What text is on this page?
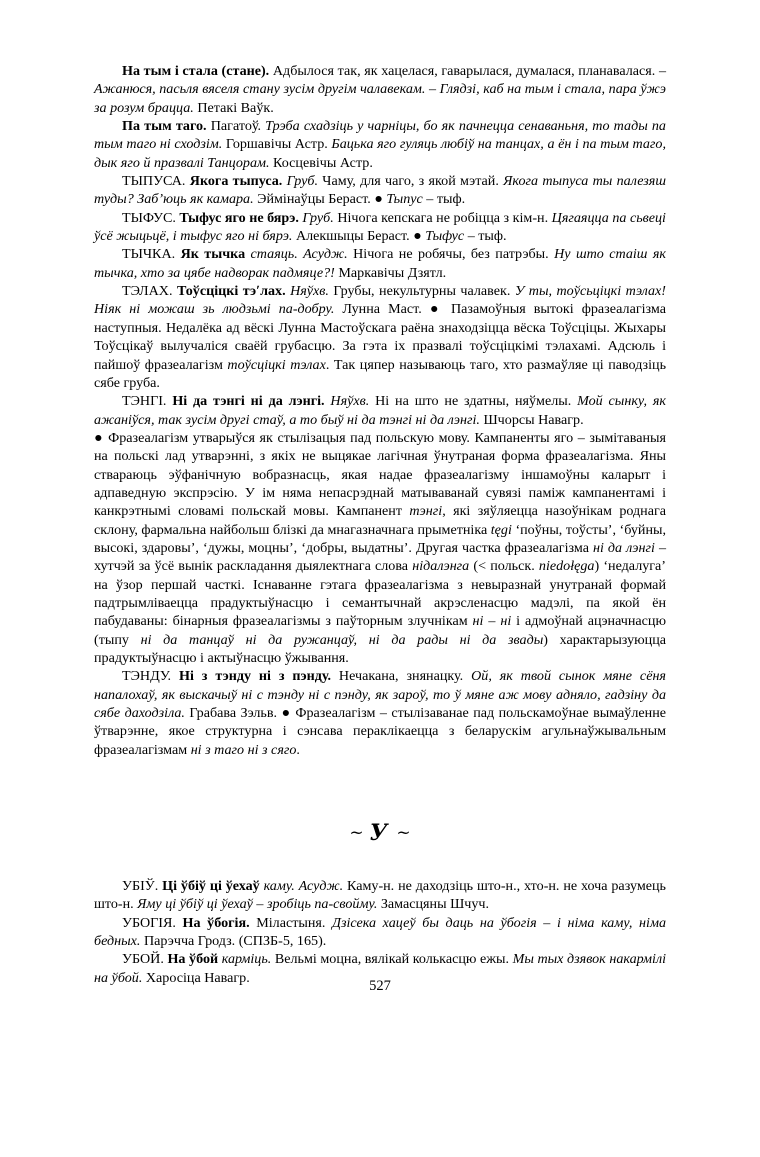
На тым і стала (стане). Адбылося так, як хацелася, гаварылася, думалася, планавалася. – Ажанюся, пасьля вяселя стану зусім другім чалавекам. – Глядзі, каб на тым і стала, пара ўжэ за розум брацца. Петакі Ваўк.

Па тым таго. Пагатоў. Трэба схадзіць у чарніцы, бо як пачнецца сенаваньня, то тады па тым таго ні сходзім. Горшавічы Астр. Бацька яго гуляць любіў на танцах, а ён і па тым таго, дык яго й празвалі Танцорам. Косцевічы Астр.

ТЫПУСА. Якога тыпуса. Груб. Чаму, для чаго, з якой мэтай. Якога тыпуса ты палезяш туды? Заб’юць як камара. Эймінаўцы Бераст. ● Тыпус – тыф.

ТЫФУС. Тыфус яго не бярэ. Груб. Нічога кепскага не робіцца з кім-н. Цягаяцца па сьвеці ўсё жыцьцё, і тыфус яго ні бярэ. Алекшыцы Бераст. ● Тыфус – тыф.

ТЫЧКА. Як тычка стаяць. Асудж. Нічога не робячы, без патрэбы. Ну што стаіш як тычка, хто за цябе надворак падмяце?! Маркавічы Дзятл.

ТЭЛАХ. Тоўсціцкі тэʹлах. Няўхв. Грубы, некультурны чалавек. У ты, тоўсьціцкі тэлах! Ніяк ні можаш зь людзьмі па-добру. Лунна Маст. ● Пазамоўныя вытокі фразеалагізма наступныя. Недалёка ад вёскі Лунна Мастоўскага раёна знаходзіцца вёска Тоўсціцы. Жыхары Тоўсцікаў вылучаліся сваёй грубасцю. За гэта іх празвалі тоўсціцкімі тэлахамі. Адсюль і пайшоў фразеалагізм тоўсціцкі тэлах. Так цяпер называюць таго, хто размаўляе ці паводзіць сябе груба.

ТЭНГІ. Ні да тэнгі ні да лэнгі. Няўхв. Ні на што не здатны, няўмелы. Мой сынку, як ажаніўся, так зусім другі стаў, а то быў ні да тэнгі ні да лэнгі. Шчорсы Навагр.

● Фразеалагізм утварыўся як стылізацыя пад польскую мову. Кампаненты яго – зымітаваныя на польскі лад утварэнні, з якіх не выцякае лагічная ўнутраная форма фразеалагізма. Яны ствараюць эўфанічную вобразнасць, якая надае фразеалагізму іншамоўны каларыт і адпаведную экспрэсію. У ім няма непасрэднай матываванай сувязі паміж кампанентамі і канкрэтнымі словамі польскай мовы. Кампанент тэнгі, які зяўляецца назоўнікам роднага склону, фармальна найбольш блізкі да мнагазначнага прыметніка tęgi ‘поўны, тоўсты’, ‘буйны, высокі, здаровы’, ‘дужы, моцны’, ‘добры, выдатны’. Другая частка фразеалагізма ні да лэнгі – хутчэй за ўсё вынік раскладання дыялектнага слова нідалэнга (< польск. niedołęga) ‘недалуга’ на ўзор першай часткі. Існаванне гэтага фразеалагізма з невыразнай унутранай формай падтрымліваецца прадуктыўнасцю і семантычнай акрэсленасцю мадэлі, па якой ён пабудаваны: бінарныя фразеалагізмы з паўторным злучнікам ні – ні і адмоўнай ацэначнасцю (тыпу ні да танцаў ні да ружанцаў, ні да рады ні да звады) характарызуюцца прадуктыўнасцю і актыўнасцю ўжывання.

ТЭНДУ. Ні з тэнду ні з пэнду. Нечакана, знянацку. Ой, як твой сынок мяне сёня напалохаў, як выскачыў ні с тэнду ні с пэнду, як зароў, то ў мяне аж мову адняло, гадзіну да сябе даходзіла. Грабава Зэльв. ● Фразеалагізм – стылізаванае пад польскамоўнае вымаўленне ўтварэнне, якое структурна і сэнсава пераклікаецца з беларускім агульнаўжывальным фразеалагізмам ні з таго ні з сяго.

~ У ~

УБІЎ. Ці ўбіў ці ўехаў каму. Асудж. Каму-н. не даходзіць што-н., хто-н. не хоча разумець што-н. Яму ці ўбіў ці ўехаў – зробіць па-свойму. Замасцяны Шчуч.

УБОГІЯ. На ўбогія. Міластыня. Дзісека хацеў бы даць на ўбогія – і німа каму, німа бедных. Парэчча Гродз. (СПЗБ-5, 165).

УБОЙ. На ўбой карміць. Вельмі моцна, вялікай колькасцю ежы. Мы тых дзявок накармілі на ўбой. Харосіца Навагр.

527
